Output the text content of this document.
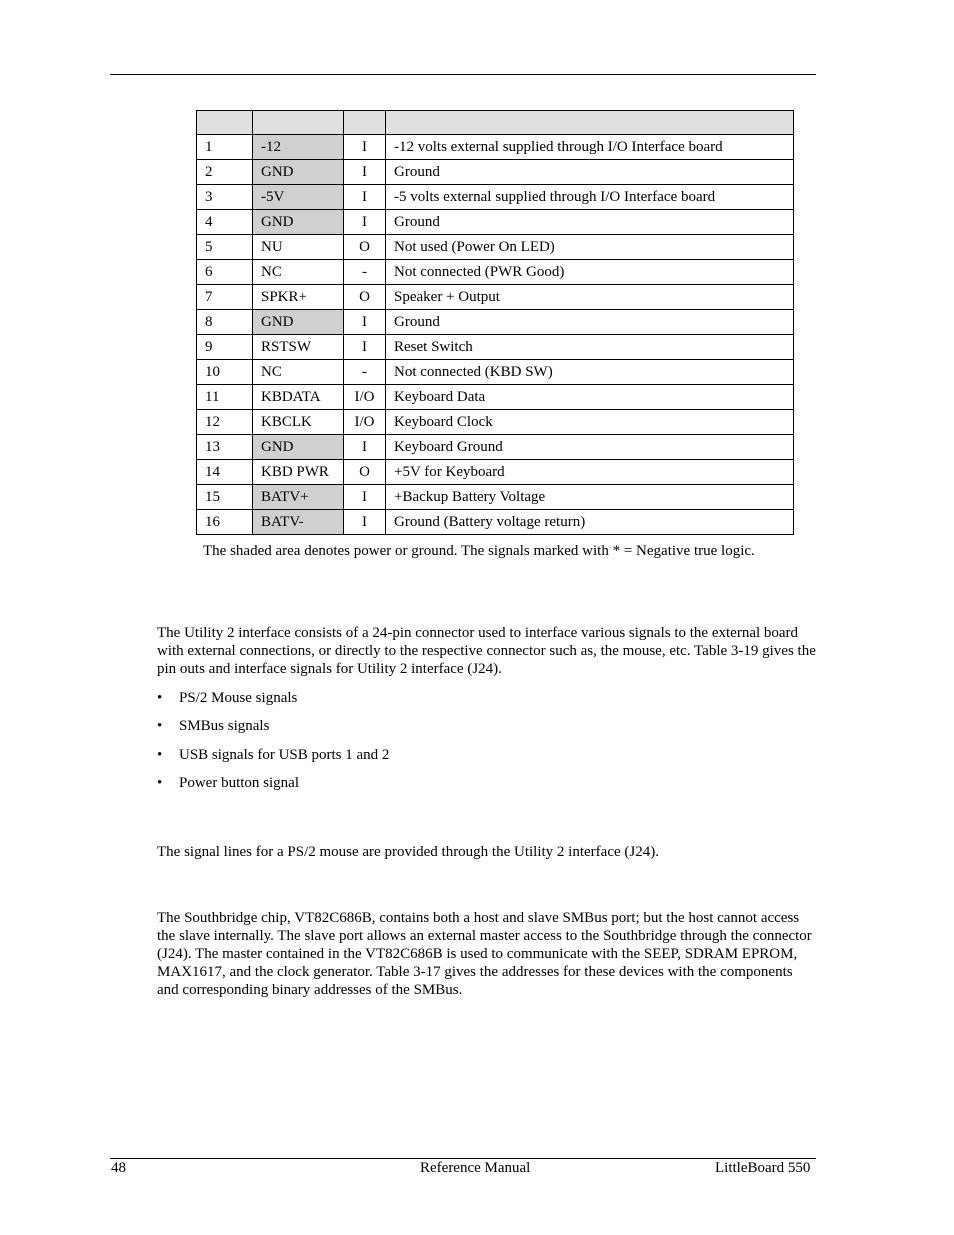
1	-12	I	-12 volts external supplied through I/O Interface board
2	GND	I	Ground
3	-5V	I	-5 volts external supplied through I/O Interface board
4	GND	I	Ground
5	NU	O	Not used (Power On LED)
6	NC	-	Not connected (PWR Good)
7	SPKR+	O	Speaker + Output
8	GND	I	Ground
9	RSTSW	I	Reset Switch
10	NC	-	Not connected (KBD SW)
11	KBDATA	I/O	Keyboard Data
12	KBCLK	I/O	Keyboard Clock
13	GND	I	Keyboard Ground
14	KBD PWR	O	+5V for Keyboard
15	BATV+	I	+Backup Battery Voltage
16	BATV-	I	Ground (Battery voltage return)
The shaded area denotes power or ground. The signals marked with * = Negative true logic.

The Utility 2 interface consists of a 24-pin connector used to interface various signals to the external board with external connections, or directly to the respective connector such as, the mouse, etc. Table 3-19 gives the pin outs and interface signals for Utility 2 interface (J24).

• PS/2 Mouse signals
• SMBus signals
• USB signals for USB ports 1 and 2
• Power button signal

The signal lines for a PS/2 mouse are provided through the Utility 2 interface (J24).

The Southbridge chip, VT82C686B, contains both a host and slave SMBus port; but the host cannot access the slave internally. The slave port allows an external master access to the Southbridge through the connector (J24). The master contained in the VT82C686B is used to communicate with the SEEP, SDRAM EPROM, MAX1617, and the clock generator. Table 3-17 gives the addresses for these devices with the components and corresponding binary addresses of the SMBus.

48	Reference Manual	LittleBoard 550
